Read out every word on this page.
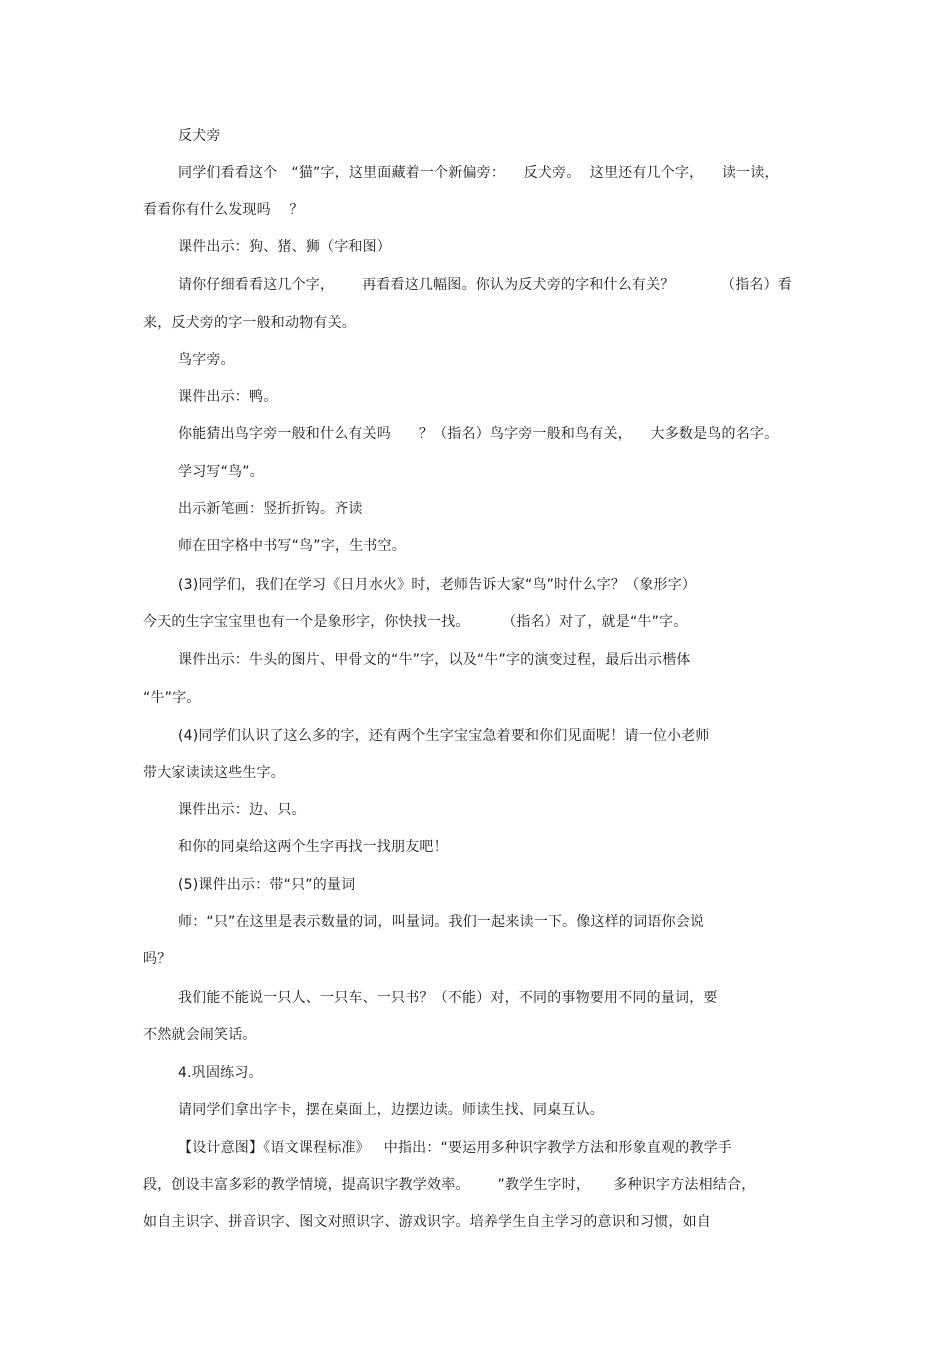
反犬旁
同学们看看这个   “猫”字，这里面藏着一个新偏旁：    反犬旁。  这里还有几个字，    读一读，
看看你有什么发现吗    ？
课件出示：狗、猪、狮（字和图）
请你仔细看看这几个字，      再看看这几幅图。你认为反犬旁的字和什么有关？          （指名）看
来，反犬旁的字一般和动物有关。
鸟字旁。
课件出示：鸭。
你能猜出鸟字旁一般和什么有关吗      ？（指名）鸟字旁一般和鸟有关，    大多数是鸟的名字。
学习写“鸟”。
出示新笔画：竖折折钩。齐读
师在田字格中书写“鸟”字，生书空。
(3)同学们，我们在学习《日月水火》时，老师告诉大家“鸟”时什么字？（象形字）
今天的生字宝宝里也有一个是象形字，你快找一找。       （指名）对了，就是“牛”字。
课件出示：牛头的图片、甲骨文的“牛”字，以及“牛”字的演变过程，最后出示楷体
“牛”字。
(4)同学们认识了这么多的字，还有两个生字宝宝急着要和你们见面呢！请一位小老师
带大家读读这些生字。
课件出示：边、只。
和你的同桌给这两个生字再找一找朋友吧！
(5)课件出示：带“只”的量词
师：“只”在这里是表示数量的词，叫量词。我们一起来读一下。像这样的词语你会说
吗？
我们能不能说一只人、一只车、一只书？（不能）对，不同的事物要用不同的量词，要
不然就会闹笑话。
4.巩固练习。
请同学们拿出字卡，摆在桌面上，边摆边读。师读生找、同桌互认。
【设计意图】《语文课程标准》   中指出：“要运用多种识字教学方法和形象直观的教学手
段，创设丰富多彩的教学情境，提高识字教学效率。      ”教学生字时，     多种识字方法相结合，
如自主识字、拼音识字、图文对照识字、游戏识字。培养学生自主学习的意识和习惯，如自
